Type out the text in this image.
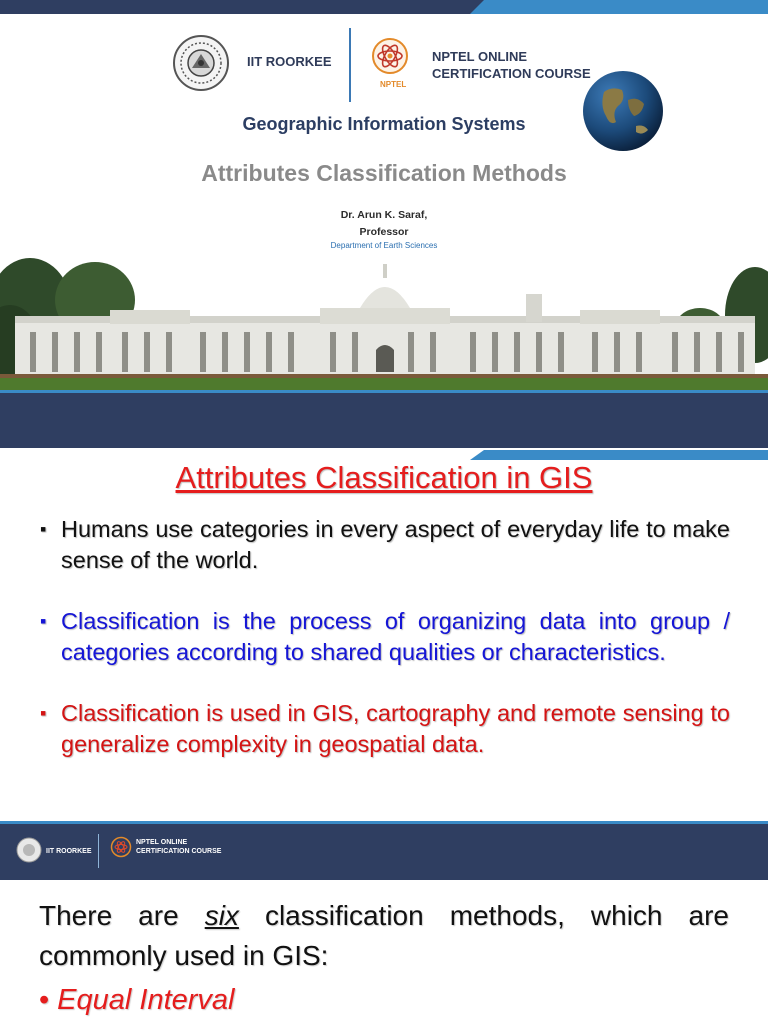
IIT ROORKEE
NPTEL
NPTEL ONLINE
CERTIFICATION COURSE
Geographic Information Systems
Attributes Classification Methods
Dr. Arun K. Saraf,
Professor
Department of Earth Sciences
Attributes Classification in GIS
▪ Humans use categories in every aspect of everyday life to make sense of the world.
▪ Classification is the process of organizing data into group / categories according to shared qualities or characteristics.
▪ Classification is used in GIS, cartography and remote sensing to generalize complexity in geospatial data.
IIT ROORKEE
NPTEL ONLINE
CERTIFICATION COURSE
There are six classification methods, which are commonly used in GIS:
• Equal Interval
